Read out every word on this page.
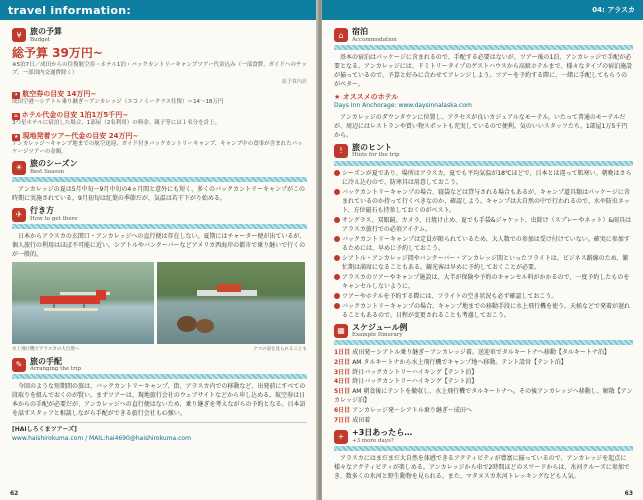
travel information:
¥	旅の予算
Budget
総予算 39万円~
※5泊7日／成田からの往復航空券・ホテル1泊・バックカントリーキャンプツアー代金込み（一部食費、ガイドへのチップ、一部国内交通費除く）
総予算内訳
✈ 航空券の目安 14万円~
成田空港～シアトル乗り継ぎ～アンカレッジ（エコノミークラス往復）＝14～18万円
⌂ ホテル代金の目安 1泊1万5千円~
3つ星ホテルに宿泊した場合、1部屋（2名利用）の料金。親子等には１名分を計上。
★ 現地発着ツアー代金の目安 24万円~
アンカレッジ～キャンプ地までの航空送迎、ガイド付きバックカントリーキャンプ、キャンプ中の食事が含まれたパッケージツアーの金額。
☀ 旅のシーズン
Best Season
アンカレッジの夏は5月中旬～9月中旬の4ヵ月間と意外にも短く、多くのバックカントリーキャンプがこの時期に実施されている。9月初旬は紅葉の季節だが、気温は若干下がり始める。
✈ 行き方
How to get there
日本からアラスカの玄関口・アンカレッジへの直行便は存在しない。夏期にはチャーター便が出ているが、個人旅行の利用はほぼ不可能に近い。シアトルやバンクーバーなどアメリカ西海岸の都市で乗り継いで行くのが一般的。
水上飛行機でアラスカの大自然へ	クマの姿を見られることも
✎ 旅の手配
Arranging the trip
今回のような短期間の旅は、バックカントリーキャンプ、街、アラスカ内での移動など、出発前にすべての段取りを組んでおくのが賢い。まずツアーは、現地旅行会社のウェブサイトなどから申し込める。航空券は日本からの手配が必要だが、アンカレッジへの直行便はないため、乗り継ぎを考えながらの予約となる。日本語を話すスタッフと相談しながら手配ができる旅行会社も心強い。
[HAIしろくまツアーズ]
www.haishirokuma.com / MAIL:hai4690@haishirokuma.com
62
04: アラスカ
⌂	宿泊
Accommodation
基本の宿泊はパッケージに含まれるので、手配する必要はないが、ツアー後の1泊、アンカレッジで手配が必要となる。アンカレッジには、ドミトリータイプのゲストハウスから高級ホテルまで、様々なタイプの宿泊施設が揃っているので、予算と好みに合わせてアレンジしよう。ツアーを予約する際に、一緒に手配してもらうのがベター。
★ オススメのホテル
Days Inn Anchorage: www.daysinnalaska.com
アンカレッジのダウンタウンに位置し、アクセスが良いカジュアルなモーテル。いたって普通のモーテルだが、周辺にはレストランや買い物スポットも充実しているので便利。気のいいスタッフたち。1部屋1万5千円から。
!	旅のヒント
Hints for the trip
シーズンが夏であり、場所はアラスカ。夏でも平均気温が18℃ほどで、日本とは違って肌寒い。朝晩はさらに冷え込むので、防寒具は用意しておこう。
バックカントリーキャンプの場合、寝袋などは貸与される場合もあるが、キャンプ道具類はパッケージに含まれているのか持って行くべきなのか、確認しよう。キャンプは大自然の中で行われるので、水や防虫ネット、方位磁石も持参しておくのがベスト。
サングラス、双眼鏡、カメラ、日焼け止め、夏でも手袋&ジャケット、虫除け（スプレーやネット）&雨具はアラスカ旅行での必須アイテム。
バックカントリーキャンプは定員が限られているため、大人数での参加は受け付けていない。確実に参加するためには、早めに予約しておこう。
シアトル・アンカレッジ間やバンクーバー・アンカレッジ間といったフライトは、ビジネス路線のため、繁忙期は満席になることもある。観光客は早めに予約しておくことが必要。
アラスカのツアーやキャンプ施設は、大半が保険や予約のキャンセル料がかかるので、一度予約したものをキャンセルしないように。
ツアーやホテルを予約する際には、フライトの空き状況も必ず確認しておこう。
バックカントリーキャンプの場合、キャンプ地までの移動手段に水上飛行機を使う。天候などで発着が遅れることもあるので、日程が変更されることも考慮しておこう。
▦ スケジュール例
Example Itinerary
1日目 成田発～シアトル乗り継ぎ～アンカレッジ着。送迎車でタルキートナへ移動【タルキートナ泊】
2日目 AM タルキートナから水上飛行機でキャンプ地へ移動。テント設営【テント泊】
3日目 終日バックカントリーハイキング【テント泊】
4日目 終日バックカントリーハイキング【テント泊】
5日目 AM 朝食後にテントを撤収し、水上飛行機でタルキートナへ。その後アンカレッジへ移動し、解散【アンカレッジ泊】
6日目 アンカレッジ発～シアトル乗り継ぎ～成田へ
7日目 成田着
+ +3日あったら…
+3 more days?
アラスカにはまだまだ大自然を体感できるアクティビティが豊富に揃っているので、アンカレッジを起点に様々なアクティビティが楽しめる。アンカレッジから車で2時間ほどのスワードからは、氷河クルーズに参加でき、数多くの氷河と野生動物を見られる。また、マタヌスカ氷河トレッキングなども人気。
63
